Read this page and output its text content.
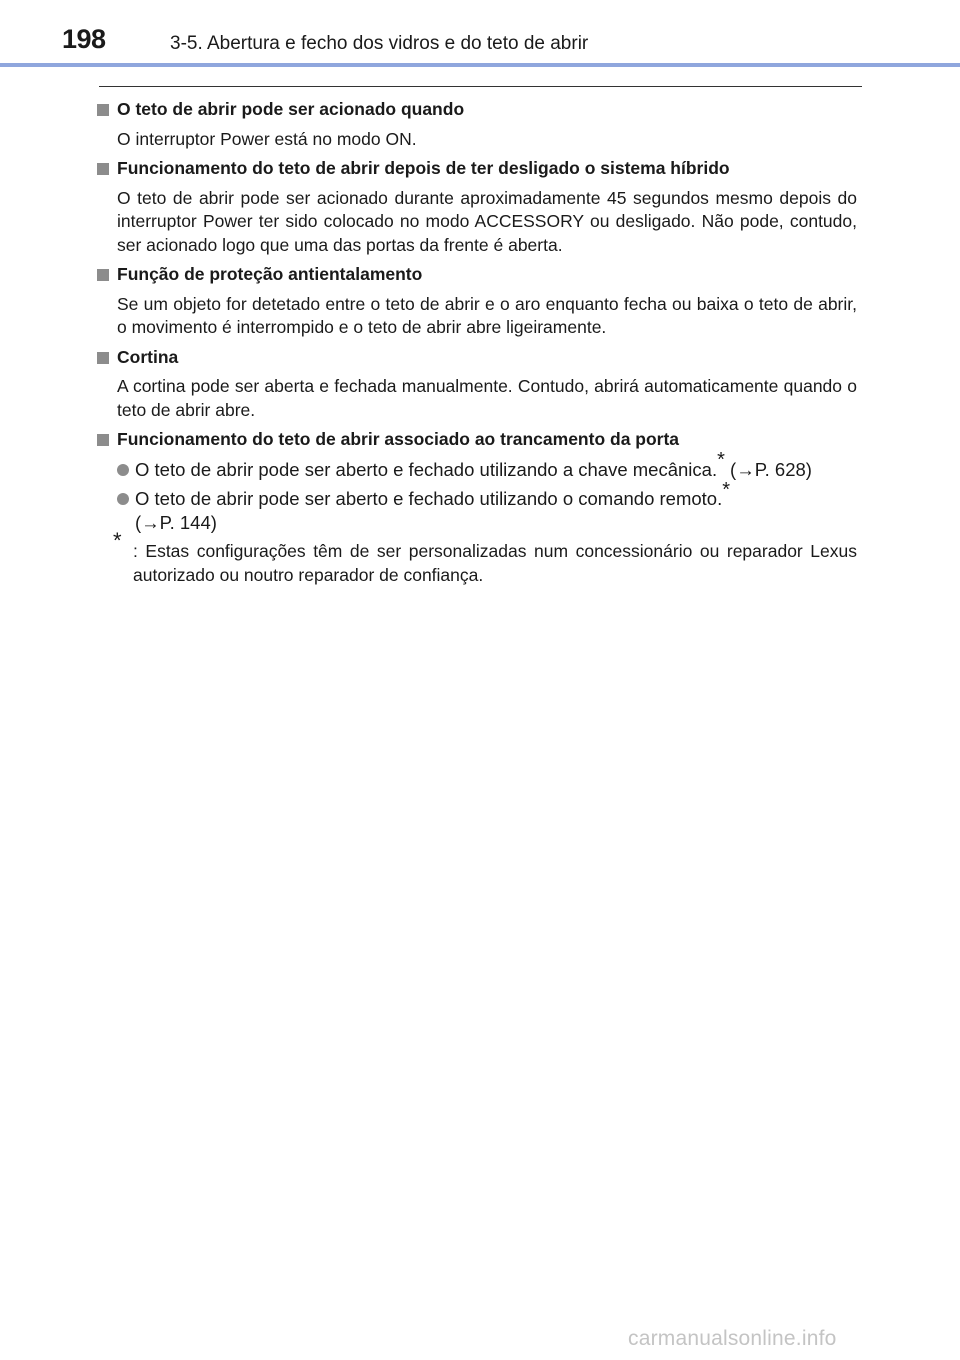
198	3-5. Abertura e fecho dos vidros e do teto de abrir
O teto de abrir pode ser acionado quando
O interruptor Power está no modo ON.
Funcionamento do teto de abrir depois de ter desligado o sistema híbrido
O teto de abrir pode ser acionado durante aproximadamente 45 segundos mesmo depois do interruptor Power ter sido colocado no modo ACCESSORY ou desligado. Não pode, contudo, ser acionado logo que uma das portas da frente é aberta.
Função de proteção antientalamento
Se um objeto for detetado entre o teto de abrir e o aro enquanto fecha ou baixa o teto de abrir, o movimento é interrompido e o teto de abrir abre ligeiramente.
Cortina
A cortina pode ser aberta e fechada manualmente. Contudo, abrirá automaticamente quando o teto de abrir abre.
Funcionamento do teto de abrir associado ao trancamento da porta
O teto de abrir pode ser aberto e fechado utilizando a chave mecânica.* (→P. 628)
O teto de abrir pode ser aberto e fechado utilizando o comando remoto.*
(→P. 144)
* : Estas configurações têm de ser personalizadas num concessionário ou reparador Lexus autorizado ou noutro reparador de confiança.
carmanualsonline.info
